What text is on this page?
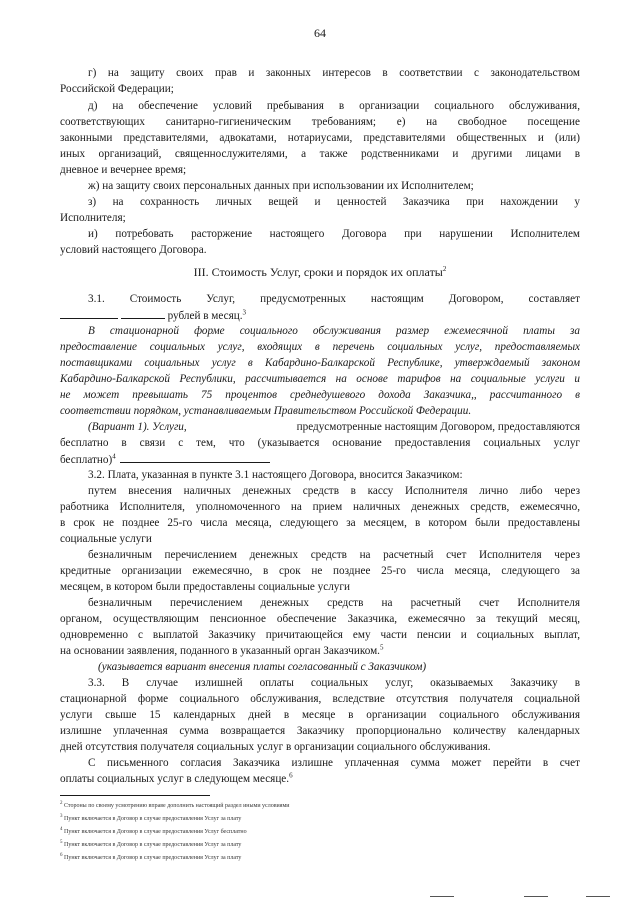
64
г) на защиту своих прав и законных интересов в соответствии с законодательством
Российской Федерации;
д) на обеспечение условий пребывания в организации социального обслуживания,
соответствующих санитарно-гигиеническим требованиям; е) на свободное посещение
законными представителями, адвокатами, нотариусами, представителями общественных и (или)
иных организаций, священнослужителями, а также родственниками и другими лицами в
дневное и вечернее время;
ж) на защиту своих персональных данных при использовании их Исполнителем;
з) на сохранность личных вещей и ценностей Заказчика при нахождении у
Исполнителя;
и) потребовать расторжение настоящего Договора при нарушении Исполнителем
условий настоящего Договора.
III. Стоимость Услуг, сроки и порядок их оплаты$^2$
3.1. Стоимость Услуг, предусмотренных настоящим Договором, составляет
рублей в месяц.$^3$
В стационарной форме социального обслуживания размер ежемесячной платы за
предоставление социальных услуг, входящих в перечень социальных услуг, предоставляемых
поставщиками социальных услуг в Кабардино-Балкарской Республике, утверждаемый законом
Кабардино-Балкарской Республики, рассчитывается на основе тарифов на социальные услуги и
не может превышать 75 процентов среднедушевого дохода Заказчика,, рассчитанного в
соответствии порядком, устанавливаемым Правительством Российской Федерации.
(Вариант 1). Услуги,	предусмотренные настоящим Договором, предоставляются
бесплатно в связи с тем, что (указывается основание предоставления социальных услуг
бесплатно)$^4$
3.2. Плата, указанная в пункте 3.1 настоящего Договора, вносится Заказчиком:
путем внесения наличных денежных средств в кассу Исполнителя лично либо через
работника Исполнителя, уполномоченного на прием наличных денежных средств, ежемесячно,
в срок не позднее 25-го числа месяца, следующего за месяцем, в котором были предоставлены
социальные услуги
безналичным перечислением денежных средств на расчетный счет Исполнителя через
кредитные организации ежемесячно, в срок не позднее 25-го числа месяца, следующего за
месяцем, в котором были предоставлены социальные услуги
безналичным перечислением денежных средств на расчетный счет Исполнителя
органом, осуществляющим пенсионное обеспечение Заказчика, ежемесячно за текущий месяц,
одновременно с выплатой Заказчику причитающейся ему части пенсии и социальных выплат,
на основании заявления, поданного в указанный орган Заказчиком.$^5$
(указывается вариант внесения платы согласованный с Заказчиком)
3.3. В случае излишней оплаты социальных услуг, оказываемых Заказчику в
стационарной форме социального обслуживания, вследствие отсутствия получателя социальной
услуги свыше 15 календарных дней в месяце в организации социального обслуживания
излишне уплаченная сумма возвращается Заказчику пропорционально количеству календарных
дней отсутствия получателя социальных услуг в организации социального обслуживания.
С письменного согласия Заказчика излишне уплаченная сумма может перейти в счет
оплаты социальных услуг в следующем месяце.$^6$
$^2$ Стороны по своему усмотрению вправе дополнить настоящий раздел иными условиями
$^3$ Пункт включается в Договор в случае предоставления Услуг за плату
$^4$ Пункт включается в Договор в случае предоставления Услуг бесплатно
$^5$ Пункт включается в Договор в случае предоставления Услуг за плату
$^6$ Пункт включается в Договор в случае предоставления Услуг за плату
